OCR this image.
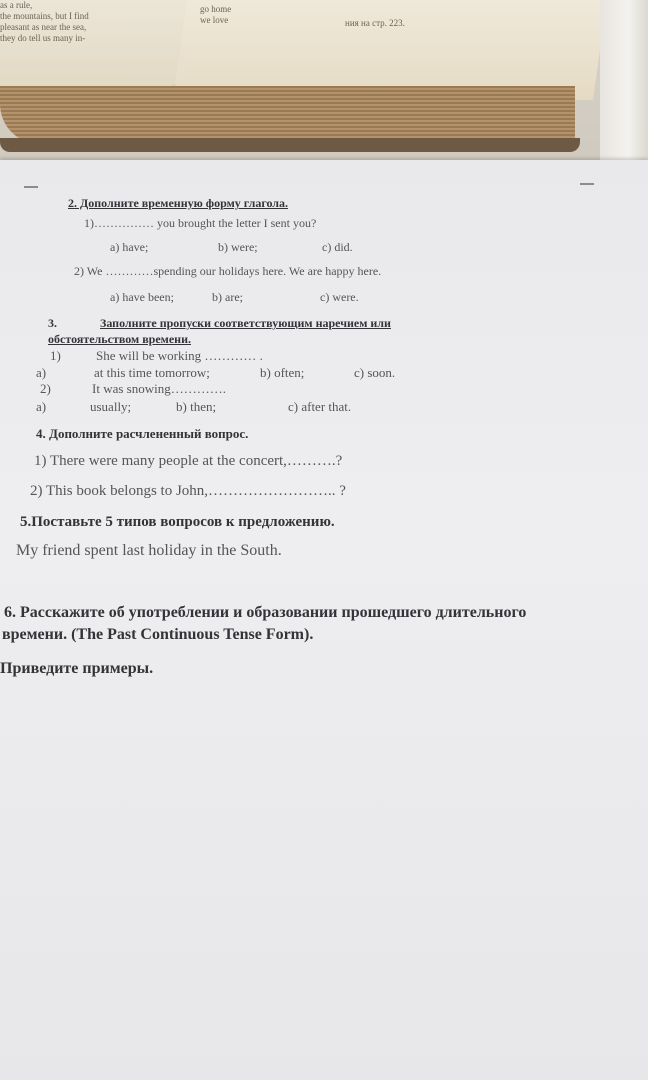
as a rule,
the mountains, but I find
pleasant as near the sea,
they do tell us many in-
go home
we love	ния на стр. 223.
2. Дополните временную форму глагола.
1)…………… you brought the letter I sent you?
a) have;	b) were;	c) did.
2) We …………spending our holidays here. We are happy here.
a) have been;	b) are;	c) were.
3.	Заполните пропуски соответствующим наречием или
обстоятельством времени.
1)	She will be working ………… .
a)	at this time tomorrow;	b) often;	c) soon.
2)	It was snowing………….
a)	usually;	b) then;	c) after that.
4. Дополните расчлененный вопрос.
1) There were many people at the concert,……….?
2) This book belongs to John,…………………….. ?
5.Поставьте 5 типов вопросов к предложению.
My friend spent last holiday in the South.
6. Расскажите об употреблении и образовании прошедшего длительного
времени. (The Past Continuous Tense Form).
Приведите примеры.
